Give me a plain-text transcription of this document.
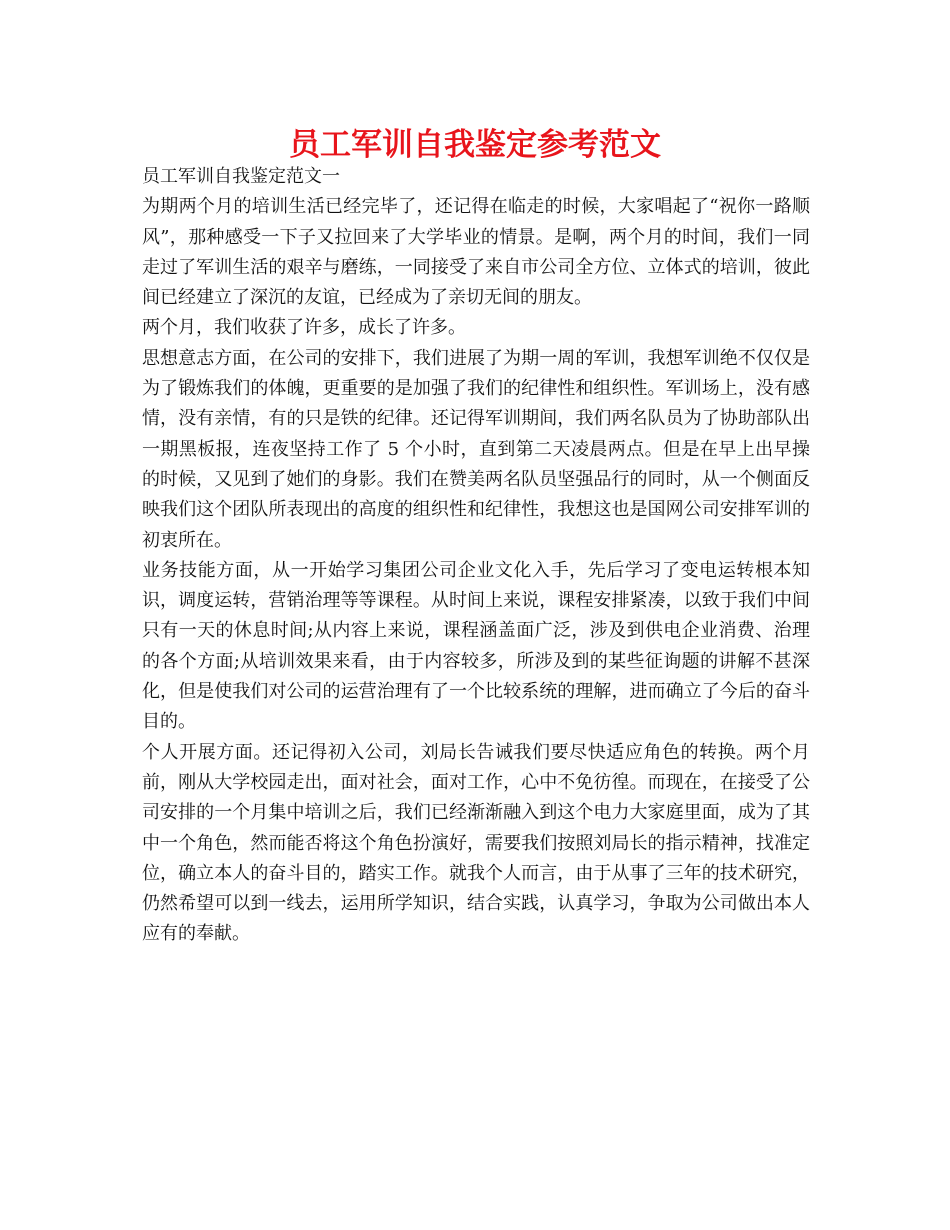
员工军训自我鉴定参考范文

员工军训自我鉴定范文一

为期两个月的培训生活已经完毕了，还记得在临走的时候，大家唱起了“祝你一路顺风”，那种感受一下子又拉回来了大学毕业的情景。是啊，两个月的时间，我们一同走过了军训生活的艰辛与磨练，一同接受了来自市公司全方位、立体式的培训，彼此间已经建立了深沉的友谊，已经成为了亲切无间的朋友。

两个月，我们收获了许多，成长了许多。

思想意志方面，在公司的安排下，我们进展了为期一周的军训，我想军训绝不仅仅是为了锻炼我们的体魄，更重要的是加强了我们的纪律性和组织性。军训场上，没有感情，没有亲情，有的只是铁的纪律。还记得军训期间，我们两名队员为了协助部队出一期黑板报，连夜坚持工作了 5 个小时，直到第二天凌晨两点。但是在早上出早操的时候，又见到了她们的身影。我们在赞美两名队员坚强品行的同时，从一个侧面反映我们这个团队所表现出的高度的组织性和纪律性，我想这也是国网公司安排军训的初衷所在。

业务技能方面，从一开始学习集团公司企业文化入手，先后学习了变电运转根本知识，调度运转，营销治理等等课程。从时间上来说，课程安排紧凑，以致于我们中间只有一天的休息时间;从内容上来说，课程涵盖面广泛，涉及到供电企业消费、治理的各个方面;从培训效果来看，由于内容较多，所涉及到的某些征询题的讲解不甚深化，但是使我们对公司的运营治理有了一个比较系统的理解，进而确立了今后的奋斗目的。

个人开展方面。还记得初入公司，刘局长告诫我们要尽快适应角色的转换。两个月前，刚从大学校园走出，面对社会，面对工作，心中不免彷徨。而现在，在接受了公司安排的一个月集中培训之后，我们已经渐渐融入到这个电力大家庭里面，成为了其中一个角色，然而能否将这个角色扮演好，需要我们按照刘局长的指示精神，找准定位，确立本人的奋斗目的，踏实工作。就我个人而言，由于从事了三年的技术研究，仍然希望可以到一线去，运用所学知识，结合实践，认真学习，争取为公司做出本人应有的奉献。
